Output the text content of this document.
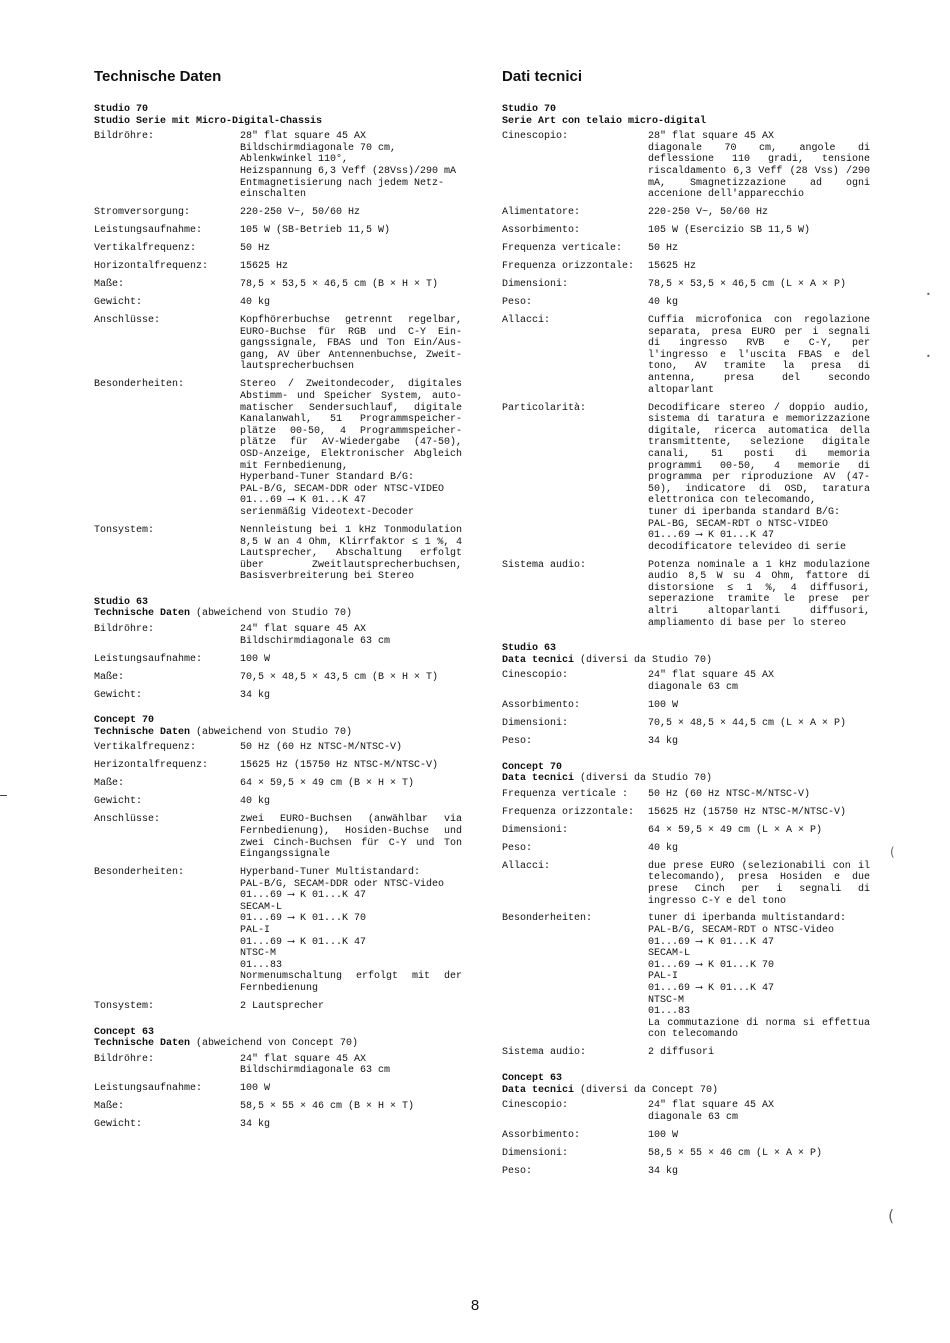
Technische Daten
Studio 70
Studio Serie mit Micro-Digital-Chassis
Bildröhre:	28" flat square 45 AX
Bildschirmdiagonale 70 cm,
Ablenkwinkel 110°,
Heizspannung 6,3 Veff (28Vss)/290 mA
Entmagnetisierung nach jedem Netz-
einschalten
Stromversorgung:	220-250 V~, 50/60 Hz
Leistungsaufnahme:	105 W (SB-Betrieb 11,5 W)
Vertikalfrequenz:	50 Hz
Horizontalfrequenz:	15625 Hz
Maße:	78,5 × 53,5 × 46,5 cm (B × H × T)
Gewicht:	40 kg
Anschlüsse:	Kopfhörerbuchse getrennt regelbar, EURO-Buchse für RGB und C-Y Ein-gangssignale, FBAS und Ton Ein/Aus-gang, AV über Antennenbuchse, Zweit-lautsprecherbuchsen
Besonderheiten:	Stereo / Zweitondecoder, digitales Abstimm- und Speicher System, auto-matischer Sendersuchlauf, digitale Kanalanwahl, 51 Programmspeicher-plätze 00-50, 4 Programmspeicher-plätze für AV-Wiedergabe (47-50), OSD-Anzeige, Elektronischer Abgleich mit Fernbedienung,
Hyperband-Tuner Standard B/G:
PAL-B/G, SECAM-DDR oder NTSC-VIDEO
01...69 ⟶ K 01...K 47
serienmäßig Videotext-Decoder
Tonsystem:	Nennleistung bei 1 kHz Tonmodulation 8,5 W an 4 Ohm, Klirrfaktor ≤ 1 %, 4 Lautsprecher, Abschaltung erfolgt über Zweitlautsprecherbuchsen, Basisverbreiterung bei Stereo
Studio 63
Technische Daten (abweichend von Studio 70)
Bildröhre:	24" flat square 45 AX
Bildschirmdiagonale 63 cm
Leistungsaufnahme:	100 W
Maße:	70,5 × 48,5 × 43,5 cm (B × H × T)
Gewicht:	34 kg
Concept 70
Technische Daten (abweichend von Studio 70)
Vertikalfrequenz:	50 Hz (60 Hz NTSC-M/NTSC-V)
Herizontalfrequenz:	15625 Hz (15750 Hz NTSC-M/NTSC-V)
Maße:	64 × 59,5 × 49 cm (B × H × T)
Gewicht:	40 kg
Anschlüsse:	zwei EURO-Buchsen (anwählbar via Fernbedienung), Hosiden-Buchse und zwei Cinch-Buchsen für C-Y und Ton Eingangssignale
Besonderheiten:	Hyperband-Tuner Multistandard:
PAL-B/G, SECAM-DDR oder NTSC-Video
01...69 ⟶ K 01...K 47
SECAM-L
01...69 ⟶ K 01...K 70
PAL-I
01...69 ⟶ K 01...K 47
NTSC-M
01...83
Normenumschaltung erfolgt mit der Fernbedienung
Tonsystem:	2 Lautsprecher
Concept 63
Technische Daten (abweichend von Concept 70)
Bildröhre:	24" flat square 45 AX
Bildschirmdiagonale 63 cm
Leistungsaufnahme:	100 W
Maße:	58,5 × 55 × 46 cm (B × H × T)
Gewicht:	34 kg
Dati tecnici
Studio 70
Serie Art con telaio micro-digital
Cinescopio:	28" flat square 45 AX
diagonale 70 cm, angole di deflessione 110 gradi, tensione riscaldamento 6,3 Veff (28 Vss) /290 mA, Smagnetizzazione ad ogni accenione dell'apparecchio
Alimentatore:	220-250 V~, 50/60 Hz
Assorbimento:	105 W (Esercizio SB 11,5 W)
Frequenza verticale:	50 Hz
Frequenza orizzontale:	15625 Hz
Dimensioni:	78,5 × 53,5 × 46,5 cm (L × A × P)
Peso:	40 kg
Allacci:	Cuffia microfonica con regolazione separata, presa EURO per i segnali di ingresso RVB e C-Y, per l'ingresso e l'uscita FBAS e del tono, AV tramite la presa di antenna, presa del secondo altoparlant
Particolarità:	Decodificare stereo / doppio audio, sistema di taratura e memorizzazione digitale, ricerca automatica della transmittente, selezione digitale canali, 51 posti di memoria programmi 00-50, 4 memorie di programma per riproduzione AV (47-50), indicatore di OSD, taratura elettronica con telecomando,
tuner di iperbanda standard B/G:
PAL-BG, SECAM-RDT o NTSC-VIDEO
01...69 ⟶ K 01...K 47
decodificatore televideo di serie
Sistema audio:	Potenza nominale a 1 kHz modulazione audio 8,5 W su 4 Ohm, fattore di distorsione ≤ 1 %, 4 diffusori, seperazione tramite le prese per altri altoparlanti diffusori, ampliamento di base per lo stereo
Studio 63
Data tecnici (diversi da Studio 70)
Cinescopio:	24" flat square 45 AX
diagonale 63 cm
Assorbimento:	100 W
Dimensioni:	70,5 × 48,5 × 44,5 cm (L × A × P)
Peso:	34 kg
Concept 70
Data tecnici (diversi da Studio 70)
Frequenza verticale :	50 Hz (60 Hz NTSC-M/NTSC-V)
Frequenza orizzontale:	15625 Hz (15750 Hz NTSC-M/NTSC-V)
Dimensioni:	64 × 59,5 × 49 cm (L × A × P)
Peso:	40 kg
Allacci:	due prese EURO (selezionabili con il telecomando), presa Hosiden e due prese Cinch per i segnali di ingresso C-Y e del tono
Besonderheiten:	tuner di iperbanda multistandard:
PAL-B/G, SECAM-RDT o NTSC-Video
01...69 ⟶ K 01...K 47
SECAM-L
01...69 ⟶ K 01...K 70
PAL-I
01...69 ⟶ K 01...K 47
NTSC-M
01...83
La commutazione di norma si effettua con telecomando
Sistema audio:	2 diffusori
Concept 63
Data tecnici (diversi da Concept 70)
Cinescopio:	24" flat square 45 AX
diagonale 63 cm
Assorbimento:	100 W
Dimensioni:	58,5 × 55 × 46 cm (L × A × P)
Peso:	34 kg
8
•
•
(
(
